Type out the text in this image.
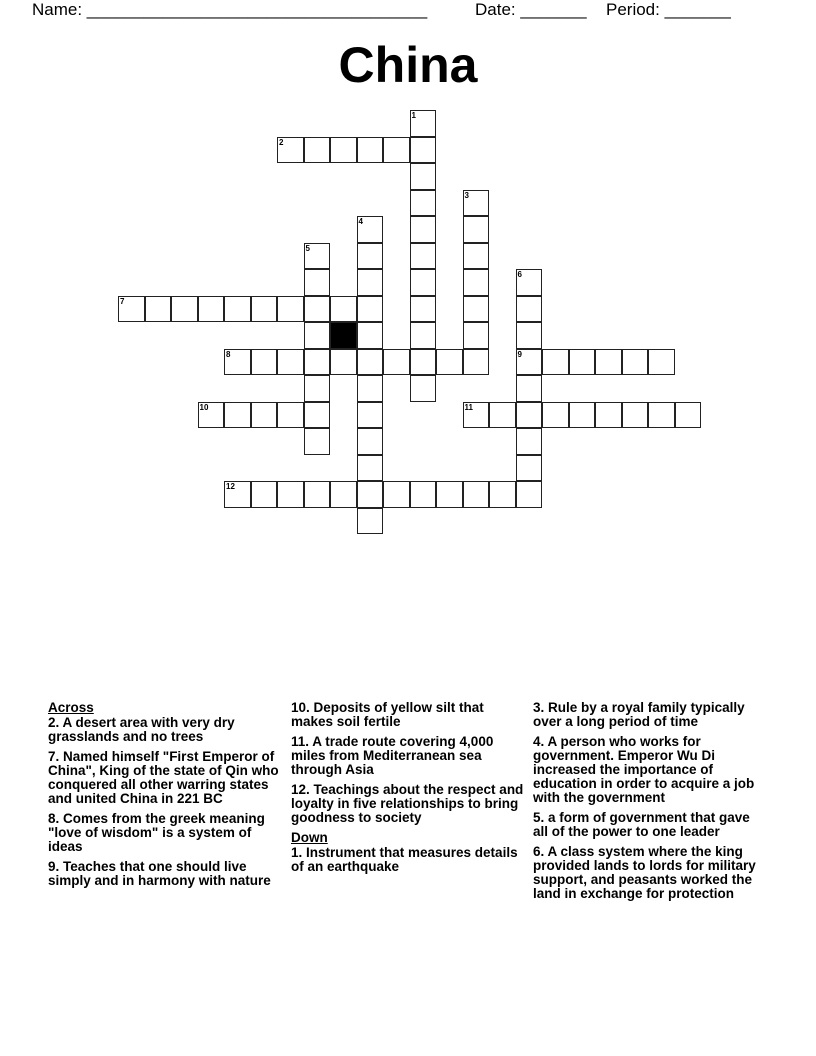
Name: ____________________________________	Date: _______ Period: _______
China
1
2
3
4
5
6
9
7
8
10	11
12
Across
2. A desert area with very dry grasslands and no trees
7. Named himself "First Emperor of China", King of the state of Qin who conquered all other warring states and united China in 221 BC
8. Comes from the greek meaning "love of wisdom" is a system of ideas
9. Teaches that one should live simply and in harmony with nature
10. Deposits of yellow silt that makes soil fertile
11. A trade route covering 4,000 miles from Mediterranean sea through Asia
12. Teachings about the respect and loyalty in five relationships to bring goodness to society
Down
1. Instrument that measures details of an earthquake
3. Rule by a royal family typically over a long period of time
4. A person who works for government. Emperor Wu Di increased the importance of education in order to acquire a job with the government
5. a form of government that gave all of the power to one leader
6. A class system where the king provided lands to lords for military support, and peasants worked the land in exchange for protection
